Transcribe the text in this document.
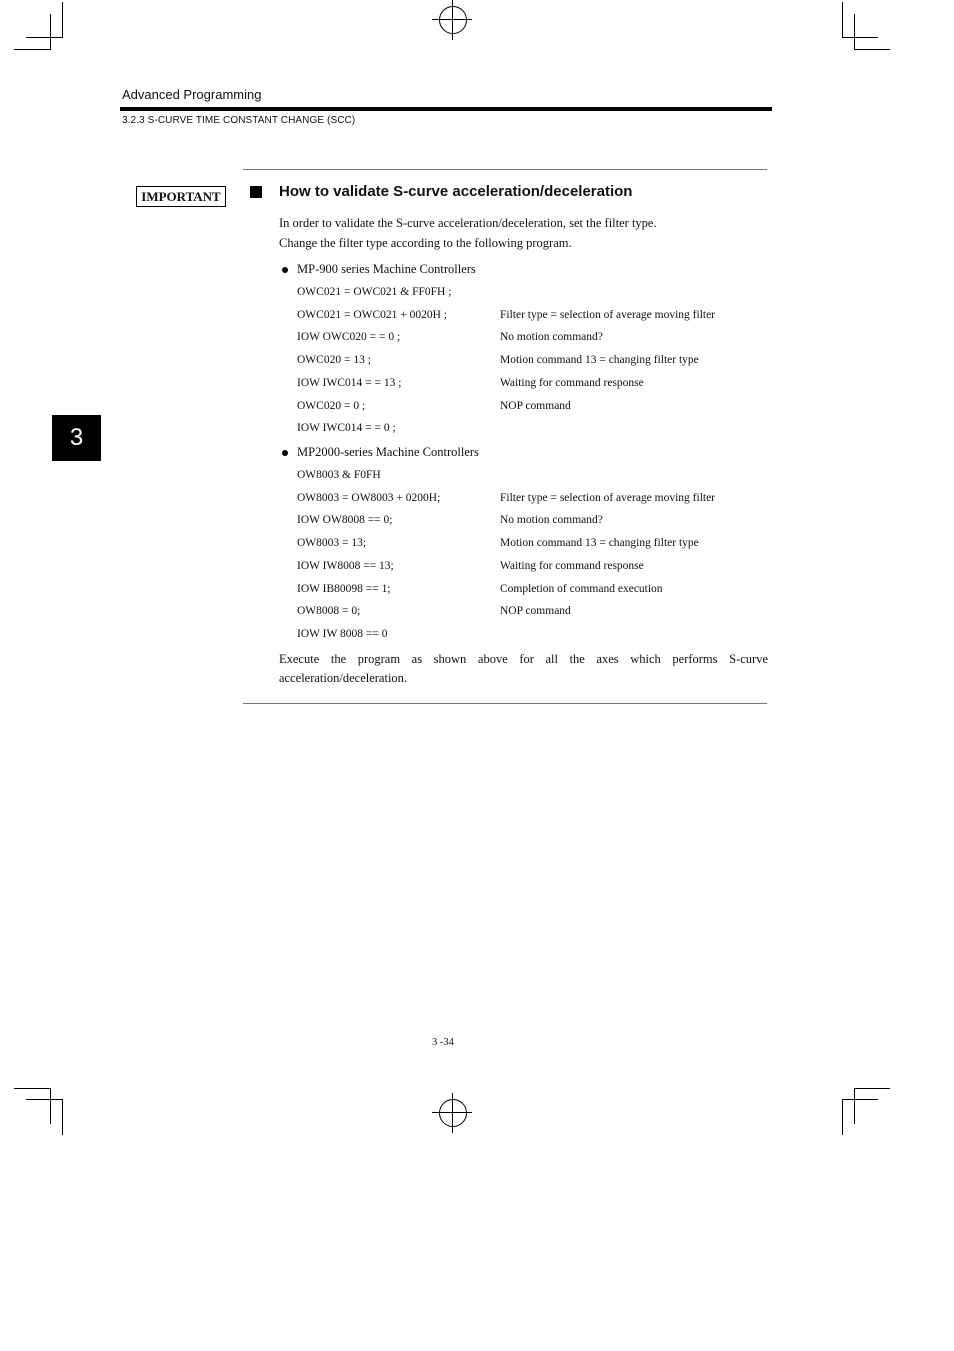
Advanced Programming
3.2.3 S-CURVE TIME CONSTANT CHANGE (SCC)
3
IMPORTANT	How to validate S-curve acceleration/deceleration
In order to validate the S-curve acceleration/deceleration, set the filter type.
Change the filter type according to the following program.
MP-900 series Machine Controllers
OWC021 = OWC021 & FF0FH ;
OWC021 = OWC021 + 0020H ;	Filter type = selection of average moving filter
IOW OWC020 = = 0 ;	No motion command?
OWC020 = 13 ;	Motion command 13 = changing filter type
IOW IWC014 = = 13 ;	Waiting for command response
OWC020 = 0 ;	NOP command
IOW IWC014 = = 0 ;
MP2000-series Machine Controllers
OW8003 & F0FH
OW8003 = OW8003 + 0200H;	Filter type = selection of average moving filter
IOW OW8008 == 0;	No motion command?
OW8003 = 13;	Motion command 13 = changing filter type
IOW IW8008 == 13;	Waiting for command response
IOW IB80098 == 1;	Completion of command execution
OW8008 = 0;	NOP command
IOW IW 8008 == 0
Execute the program as shown above for all the axes which performs S-curve acceleration/deceleration.
3 -34
